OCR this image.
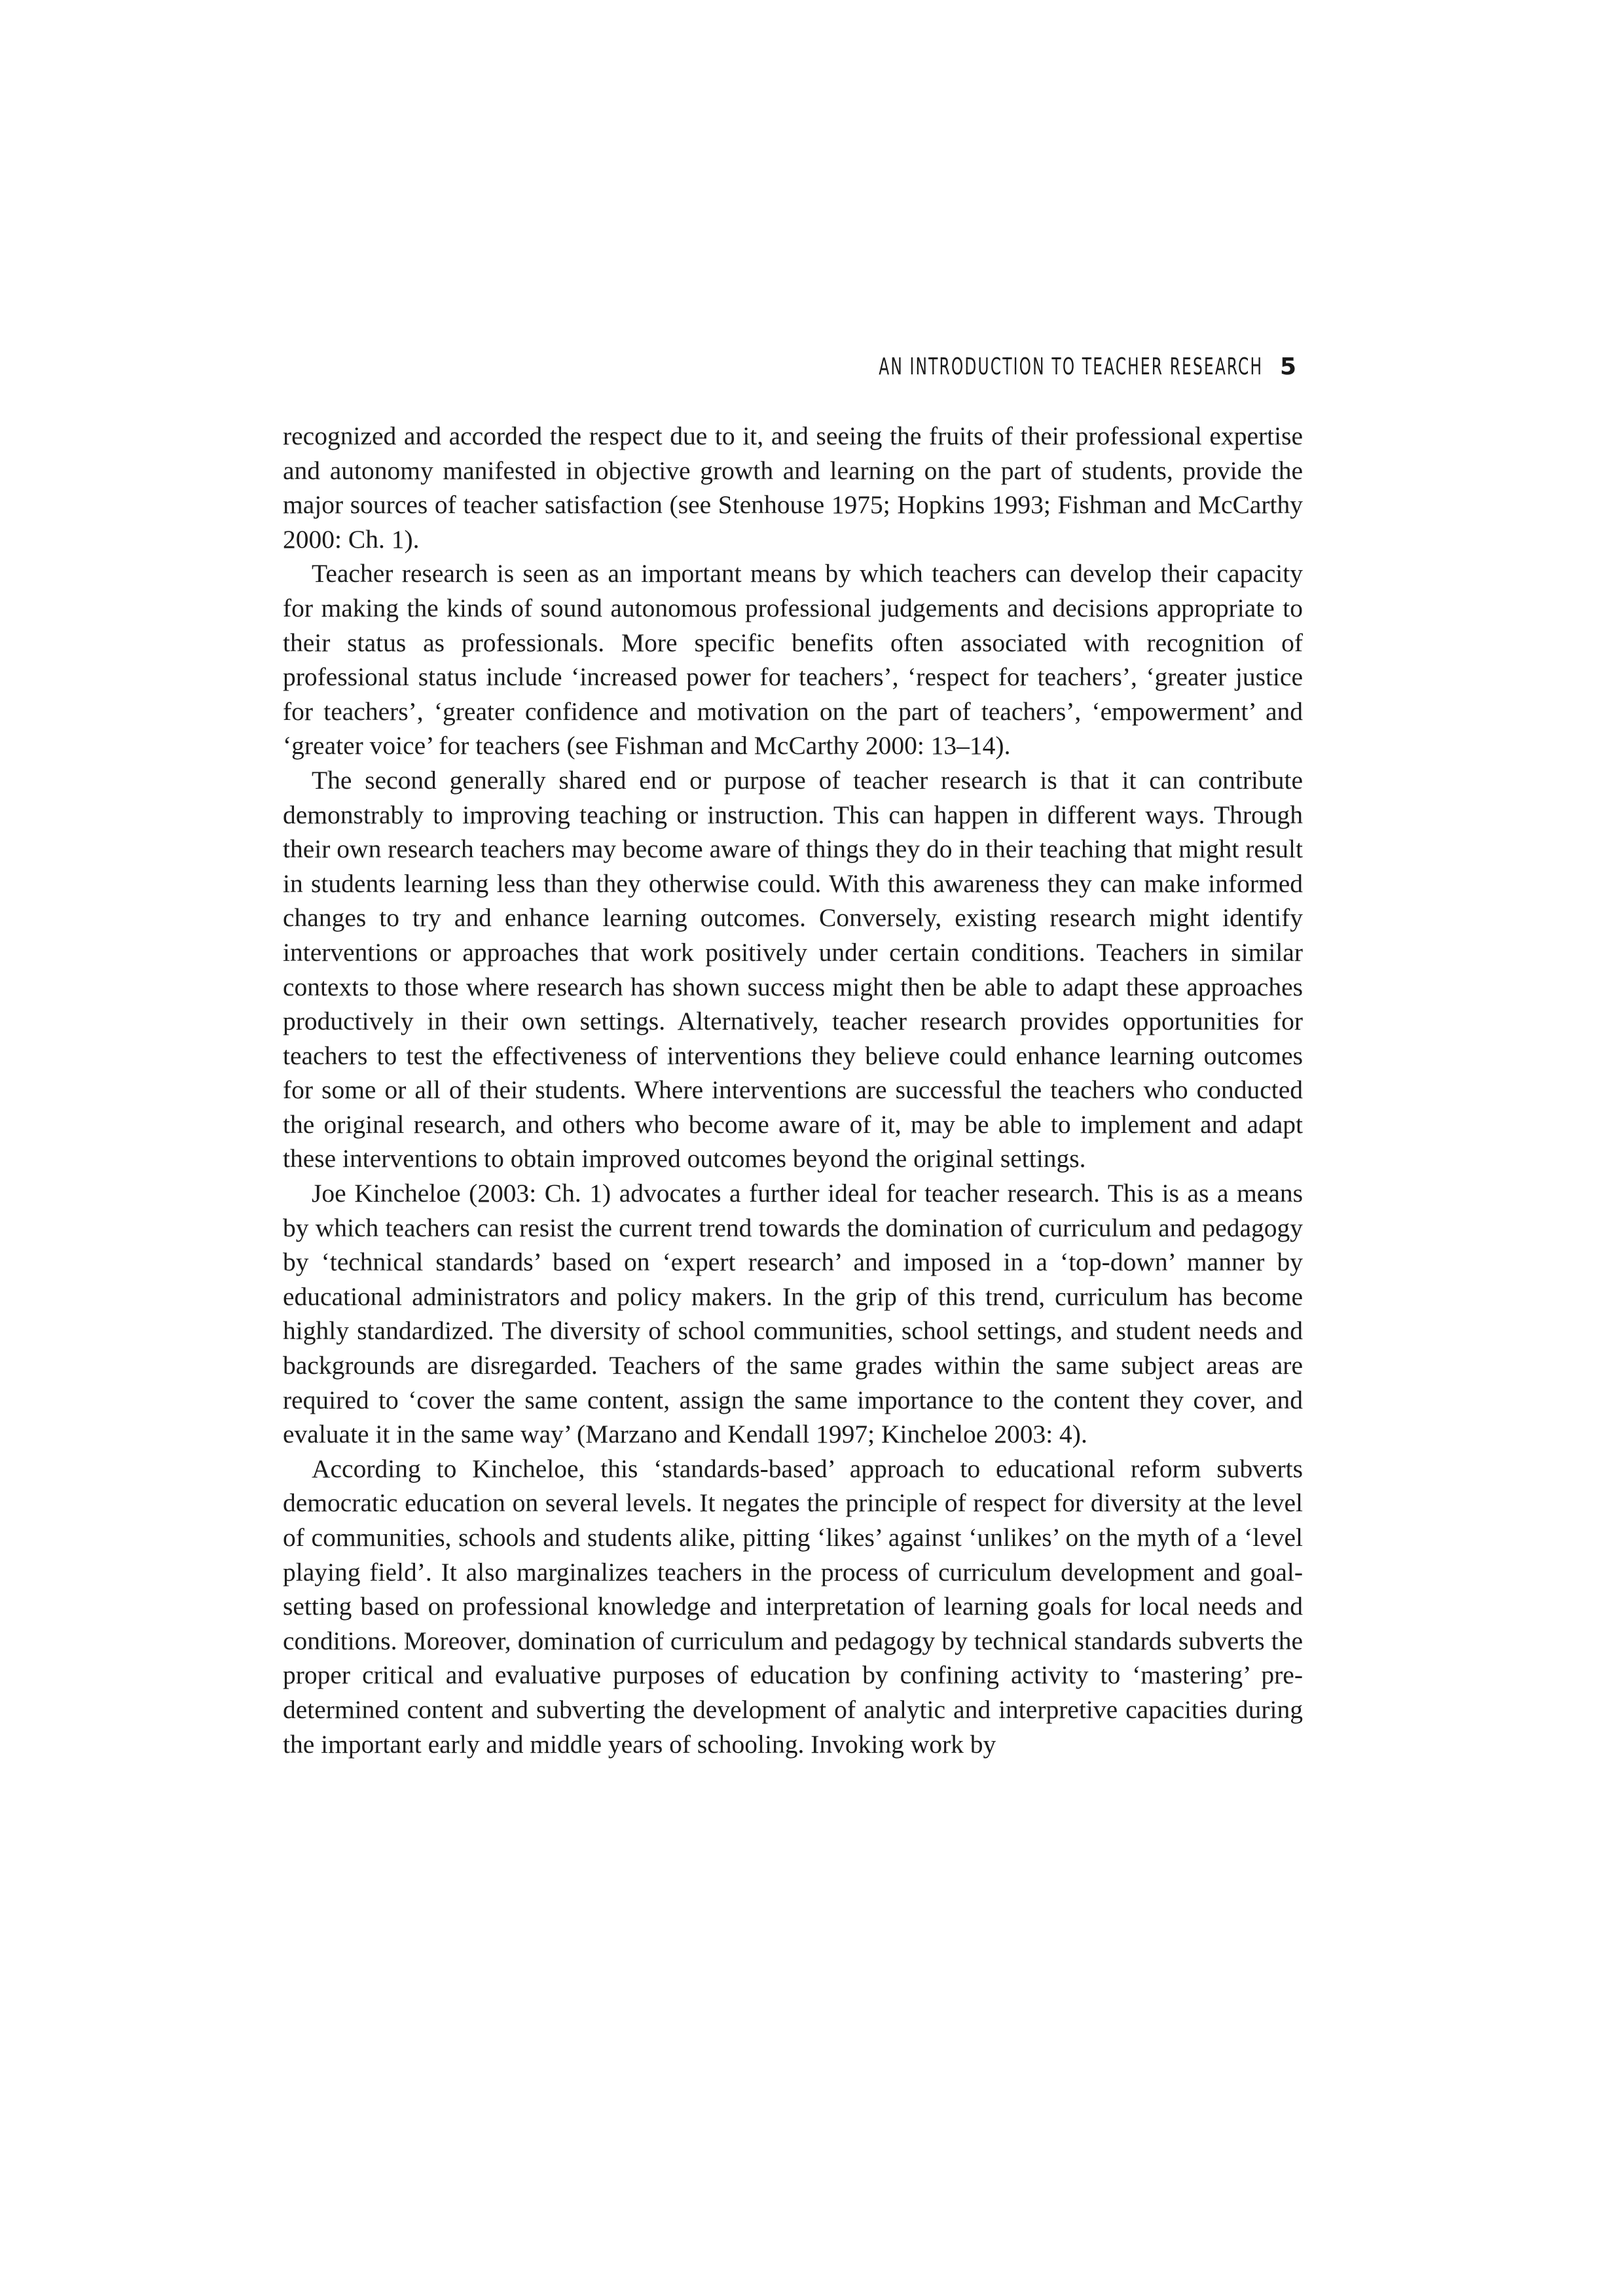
AN INTRODUCTION TO TEACHER RESEARCH 5

recognized and accorded the respect due to it, and seeing the fruits of their professional expertise and autonomy manifested in objective growth and learning on the part of students, provide the major sources of teacher satisfaction (see Stenhouse 1975; Hopkins 1993; Fishman and McCarthy 2000: Ch. 1).

Teacher research is seen as an important means by which teachers can develop their capacity for making the kinds of sound autonomous professional judgements and decisions appropriate to their status as professionals. More specific benefits often associated with recognition of professional status include ‘increased power for teachers’, ‘respect for teachers’, ‘greater justice for teachers’, ‘greater confidence and motivation on the part of teachers’, ‘empowerment’ and ‘greater voice’ for teachers (see Fishman and McCarthy 2000: 13–14).

The second generally shared end or purpose of teacher research is that it can contribute demonstrably to improving teaching or instruction. This can happen in different ways. Through their own research teachers may become aware of things they do in their teaching that might result in students learning less than they otherwise could. With this awareness they can make informed changes to try and enhance learning outcomes. Conversely, existing research might identify interventions or approaches that work positively under certain conditions. Teachers in similar contexts to those where research has shown success might then be able to adapt these approaches productively in their own settings. Alternatively, teacher research provides opportunities for teachers to test the effectiveness of interventions they believe could enhance learning outcomes for some or all of their students. Where interventions are successful the teachers who conducted the original research, and others who become aware of it, may be able to implement and adapt these interventions to obtain improved outcomes beyond the original settings.

Joe Kincheloe (2003: Ch. 1) advocates a further ideal for teacher research. This is as a means by which teachers can resist the current trend towards the domination of curriculum and pedagogy by ‘technical standards’ based on ‘expert research’ and imposed in a ‘top-down’ manner by educational administrators and policy makers. In the grip of this trend, curriculum has become highly standardized. The diversity of school communities, school settings, and student needs and backgrounds are disregarded. Teachers of the same grades within the same subject areas are required to ‘cover the same content, assign the same importance to the content they cover, and evaluate it in the same way’ (Marzano and Kendall 1997; Kincheloe 2003: 4).

According to Kincheloe, this ‘standards-based’ approach to educational reform subverts democratic education on several levels. It negates the principle of respect for diversity at the level of communities, schools and students alike, pitting ‘likes’ against ‘unlikes’ on the myth of a ‘level playing field’. It also marginalizes teachers in the process of curriculum development and goal-setting based on professional knowledge and interpretation of learning goals for local needs and conditions. Moreover, domination of curriculum and pedagogy by technical standards subverts the proper critical and evaluative purposes of education by confining activity to ‘mastering’ predetermined content and subverting the development of analytic and interpretive capacities during the important early and middle years of schooling. Invoking work by
